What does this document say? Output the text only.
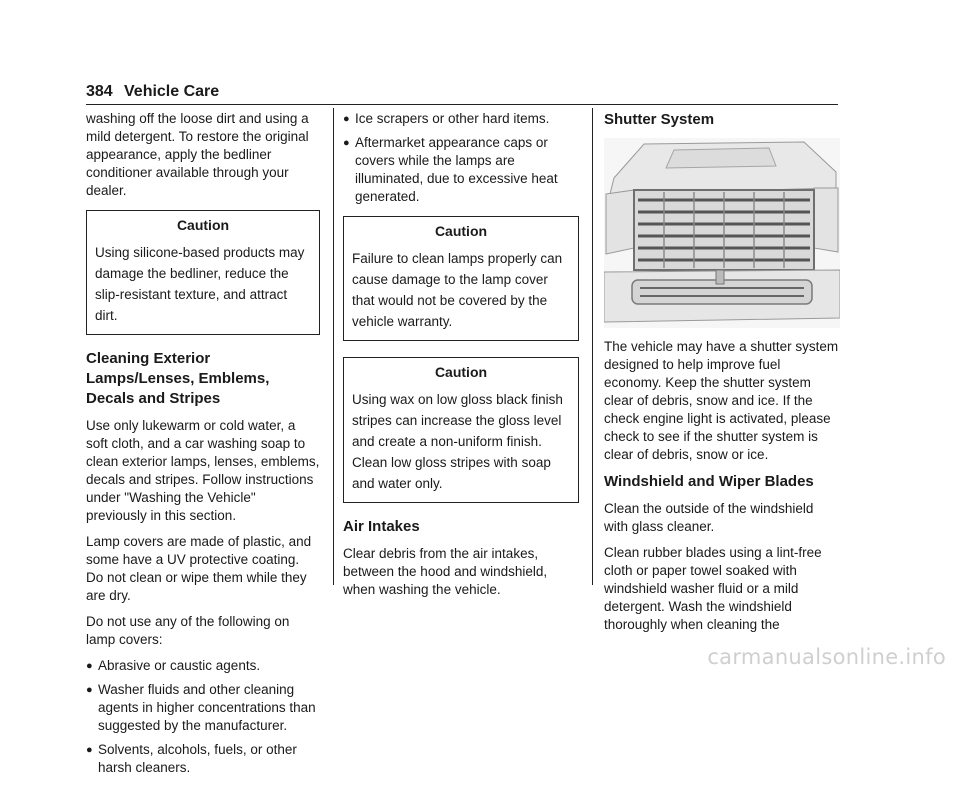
384 Vehicle Care

washing off the loose dirt and using a mild detergent. To restore the original appearance, apply the bedliner conditioner available through your dealer.

Caution
Using silicone-based products may damage the bedliner, reduce the slip-resistant texture, and attract dirt.
Cleaning Exterior Lamps/Lenses, Emblems, Decals and Stripes

Use only lukewarm or cold water, a soft cloth, and a car washing soap to clean exterior lamps, lenses, emblems, decals and stripes. Follow instructions under "Washing the Vehicle" previously in this section.

Lamp covers are made of plastic, and some have a UV protective coating. Do not clean or wipe them while they are dry.

Do not use any of the following on lamp covers:

● Abrasive or caustic agents.
● Washer fluids and other cleaning agents in higher concentrations than suggested by the manufacturer.
● Solvents, alcohols, fuels, or other harsh cleaners.
● Ice scrapers or other hard items.
● Aftermarket appearance caps or covers while the lamps are illuminated, due to excessive heat generated.
Caution
Failure to clean lamps properly can cause damage to the lamp cover that would not be covered by the vehicle warranty.
Caution
Using wax on low gloss black finish stripes can increase the gloss level and create a non-uniform finish. Clean low gloss stripes with soap and water only.
Air Intakes

Clear debris from the air intakes, between the hood and windshield, when washing the vehicle.

Shutter System

The vehicle may have a shutter system designed to help improve fuel economy. Keep the shutter system clear of debris, snow and ice. If the check engine light is activated, please check to see if the shutter system is clear of debris, snow or ice.

Windshield and Wiper Blades

Clean the outside of the windshield with glass cleaner.

Clean rubber blades using a lint-free cloth or paper towel soaked with windshield washer fluid or a mild detergent. Wash the windshield thoroughly when cleaning the

carmanualsonline.info
